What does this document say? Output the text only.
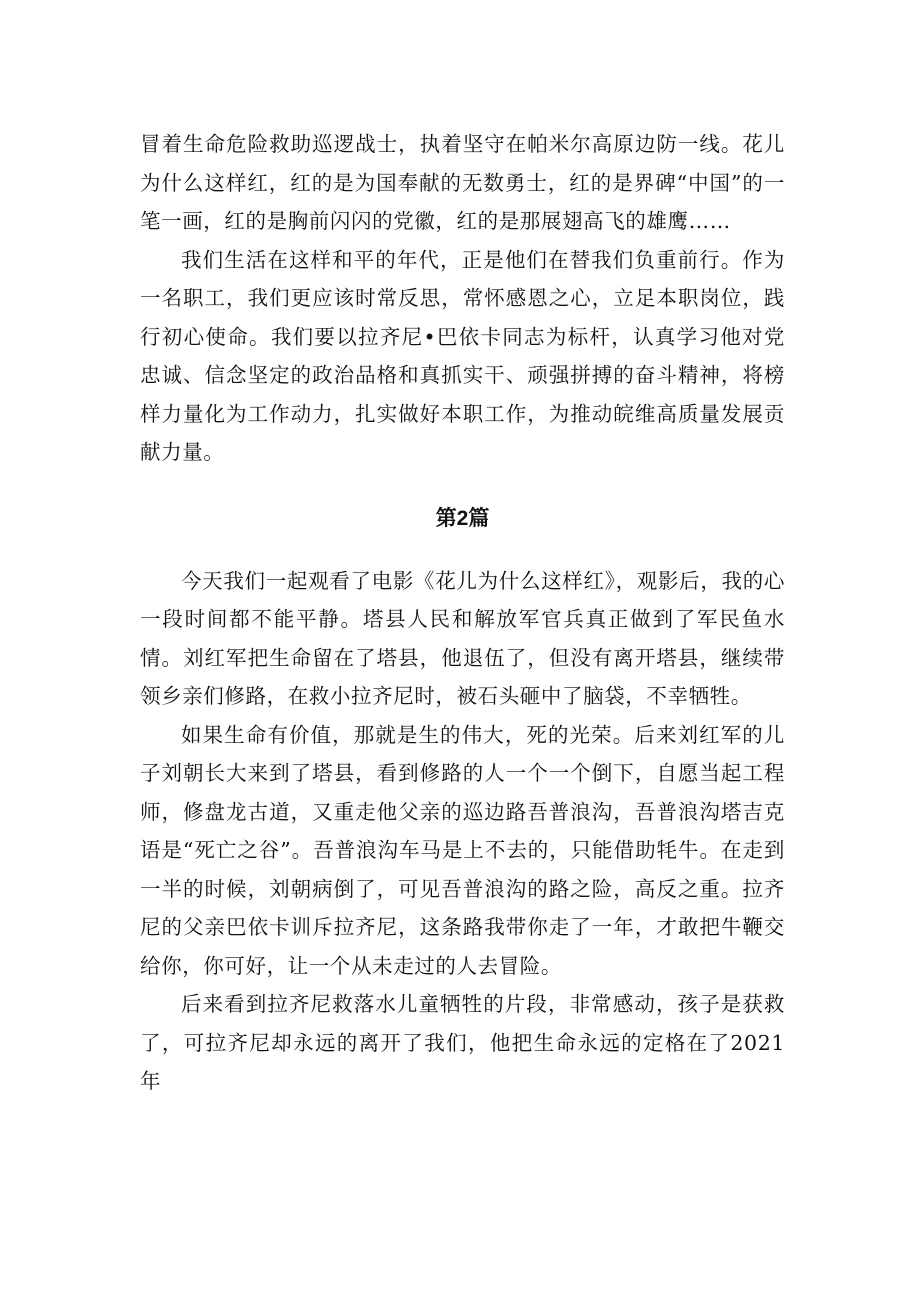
冒着生命危险救助巡逻战士，执着坚守在帕米尔高原边防一线。花儿为什么这样红，红的是为国奉献的无数勇士，红的是界碑“中国”的一笔一画，红的是胸前闪闪的党徽，红的是那展翅高飞的雄鹰……

我们生活在这样和平的年代，正是他们在替我们负重前行。作为一名职工，我们更应该时常反思，常怀感恩之心，立足本职岗位，践行初心使命。我们要以拉齐尼•巴依卡同志为标杆，认真学习他对党忠诚、信念坚定的政治品格和真抓实干、顽强拼搏的奋斗精神，将榜样力量化为工作动力，扎实做好本职工作，为推动皖维高质量发展贡献力量。

第2篇

今天我们一起观看了电影《花儿为什么这样红》，观影后，我的心一段时间都不能平静。塔县人民和解放军官兵真正做到了军民鱼水情。刘红军把生命留在了塔县，他退伍了，但没有离开塔县，继续带领乡亲们修路，在救小拉齐尼时，被石头砸中了脑袋，不幸牺牲。

如果生命有价值，那就是生的伟大，死的光荣。后来刘红军的儿子刘朝长大来到了塔县，看到修路的人一个一个倒下，自愿当起工程师，修盘龙古道，又重走他父亲的巡边路吾普浪沟，吾普浪沟塔吉克语是“死亡之谷”。吾普浪沟车马是上不去的，只能借助牦牛。在走到一半的时候，刘朝病倒了，可见吾普浪沟的路之险，高反之重。拉齐尼的父亲巴依卡训斥拉齐尼，这条路我带你走了一年，才敢把牛鞭交给你，你可好，让一个从未走过的人去冒险。

后来看到拉齐尼救落水儿童牺牲的片段，非常感动，孩子是获救了，可拉齐尼却永远的离开了我们，他把生命永远的定格在了2021年
